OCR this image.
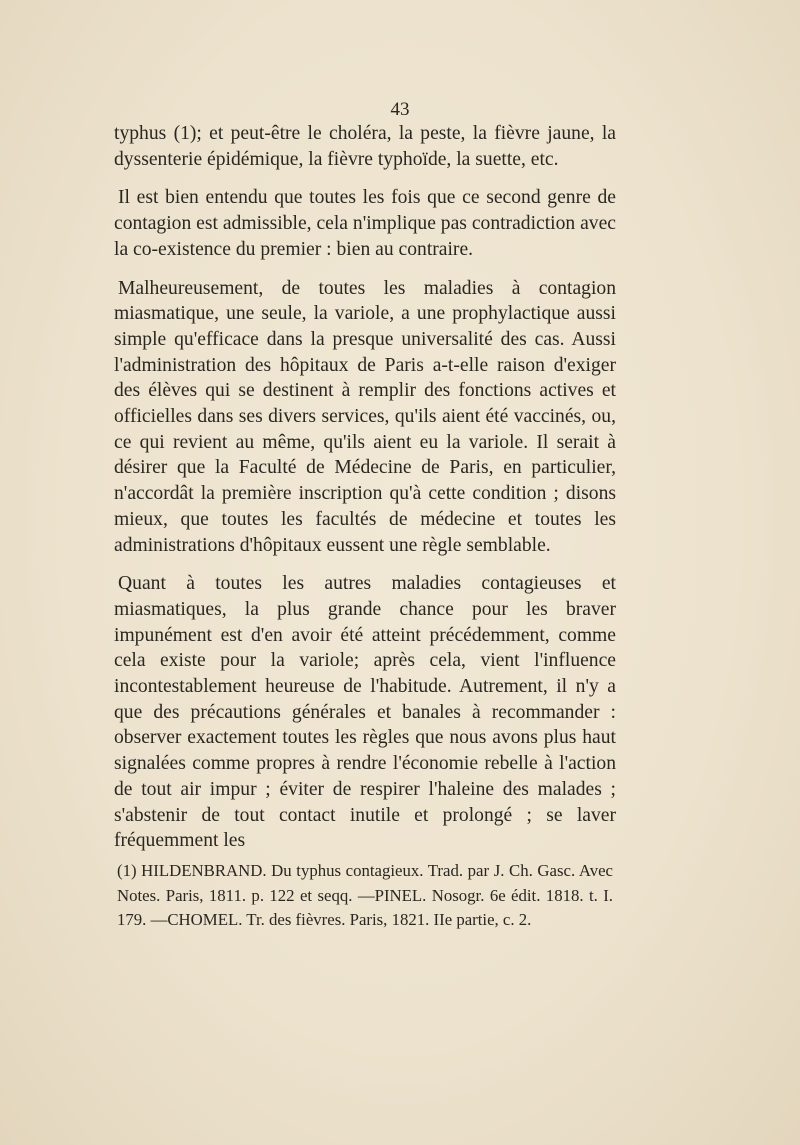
43

typhus (1); et peut-être le choléra, la peste, la fièvre jaune, la dyssenterie épidémique, la fièvre typhoïde, la suette, etc.

Il est bien entendu que toutes les fois que ce second genre de contagion est admissible, cela n'implique pas contradiction avec la co-existence du premier : bien au contraire.

Malheureusement, de toutes les maladies à contagion miasmatique, une seule, la variole, a une prophylactique aussi simple qu'efficace dans la presque universalité des cas. Aussi l'administration des hôpitaux de Paris a-t-elle raison d'exiger des élèves qui se destinent à remplir des fonctions actives et officielles dans ses divers services, qu'ils aient été vaccinés, ou, ce qui revient au même, qu'ils aient eu la variole. Il serait à désirer que la Faculté de Médecine de Paris, en particulier, n'accordât la première inscription qu'à cette condition ; disons mieux, que toutes les facultés de médecine et toutes les administrations d'hôpitaux eussent une règle semblable.

Quant à toutes les autres maladies contagieuses et miasmatiques, la plus grande chance pour les braver impunément est d'en avoir été atteint précédemment, comme cela existe pour la variole; après cela, vient l'influence incontestablement heureuse de l'habitude. Autrement, il n'y a que des précautions générales et banales à recommander : observer exactement toutes les règles que nous avons plus haut signalées comme propres à rendre l'économie rebelle à l'action de tout air impur ; éviter de respirer l'haleine des malades ; s'abstenir de tout contact inutile et prolongé ; se laver fréquemment les

(1) HILDENBRAND. Du typhus contagieux. Trad. par J. Ch. Gasc. Avec Notes. Paris, 1811. p. 122 et seqq. —PINEL. Nosogr. 6e édit. 1818. t. I. 179. —CHOMEL. Tr. des fièvres. Paris, 1821. IIe partie, c. 2.
